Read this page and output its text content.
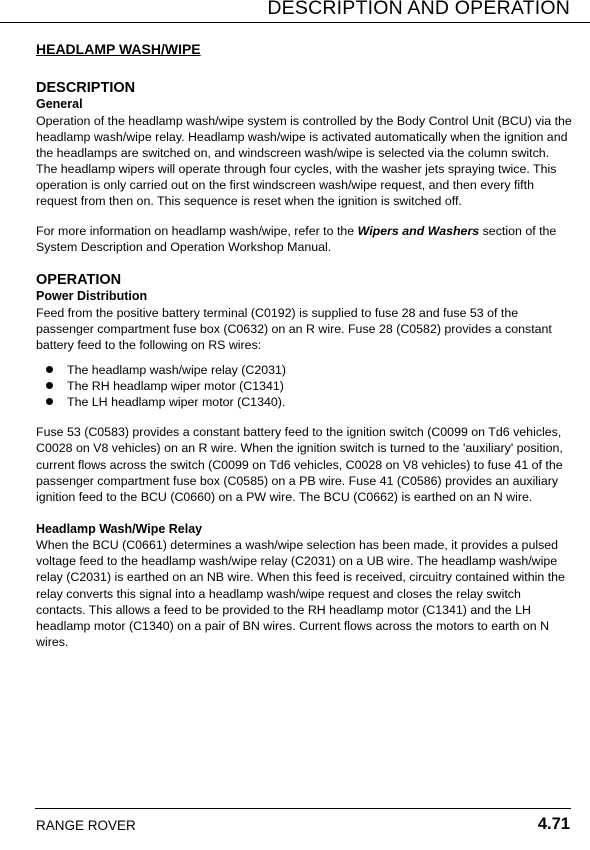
DESCRIPTION AND OPERATION
HEADLAMP WASH/WIPE
DESCRIPTION
General

Operation of the headlamp wash/wipe system is controlled by the Body Control Unit (BCU) via the headlamp wash/wipe relay. Headlamp wash/wipe is activated automatically when the ignition and the headlamps are switched on, and windscreen wash/wipe is selected via the column switch. The headlamp wipers will operate through four cycles, with the washer jets spraying twice. This operation is only carried out on the first windscreen wash/wipe request, and then every fifth request from then on. This sequence is reset when the ignition is switched off.

For more information on headlamp wash/wipe, refer to the Wipers and Washers section of the System Description and Operation Workshop Manual.

OPERATION
Power Distribution

Feed from the positive battery terminal (C0192) is supplied to fuse 28 and fuse 53 of the passenger compartment fuse box (C0632) on an R wire. Fuse 28 (C0582) provides a constant battery feed to the following on RS wires:

The headlamp wash/wipe relay (C2031)
The RH headlamp wiper motor (C1341)
The LH headlamp wiper motor (C1340).

Fuse 53 (C0583) provides a constant battery feed to the ignition switch (C0099 on Td6 vehicles, C0028 on V8 vehicles) on an R wire. When the ignition switch is turned to the 'auxiliary' position, current flows across the switch (C0099 on Td6 vehicles, C0028 on V8 vehicles) to fuse 41 of the passenger compartment fuse box (C0585) on a PB wire. Fuse 41 (C0586) provides an auxiliary ignition feed to the BCU (C0660) on a PW wire. The BCU (C0662) is earthed on an N wire.

Headlamp Wash/Wipe Relay

When the BCU (C0661) determines a wash/wipe selection has been made, it provides a pulsed voltage feed to the headlamp wash/wipe relay (C2031) on a UB wire. The headlamp wash/wipe relay (C2031) is earthed on an NB wire. When this feed is received, circuitry contained within the relay converts this signal into a headlamp wash/wipe request and closes the relay switch contacts. This allows a feed to be provided to the RH headlamp motor (C1341) and the LH headlamp motor (C1340) on a pair of BN wires. Current flows across the motors to earth on N wires.

RANGE ROVER	4.71
